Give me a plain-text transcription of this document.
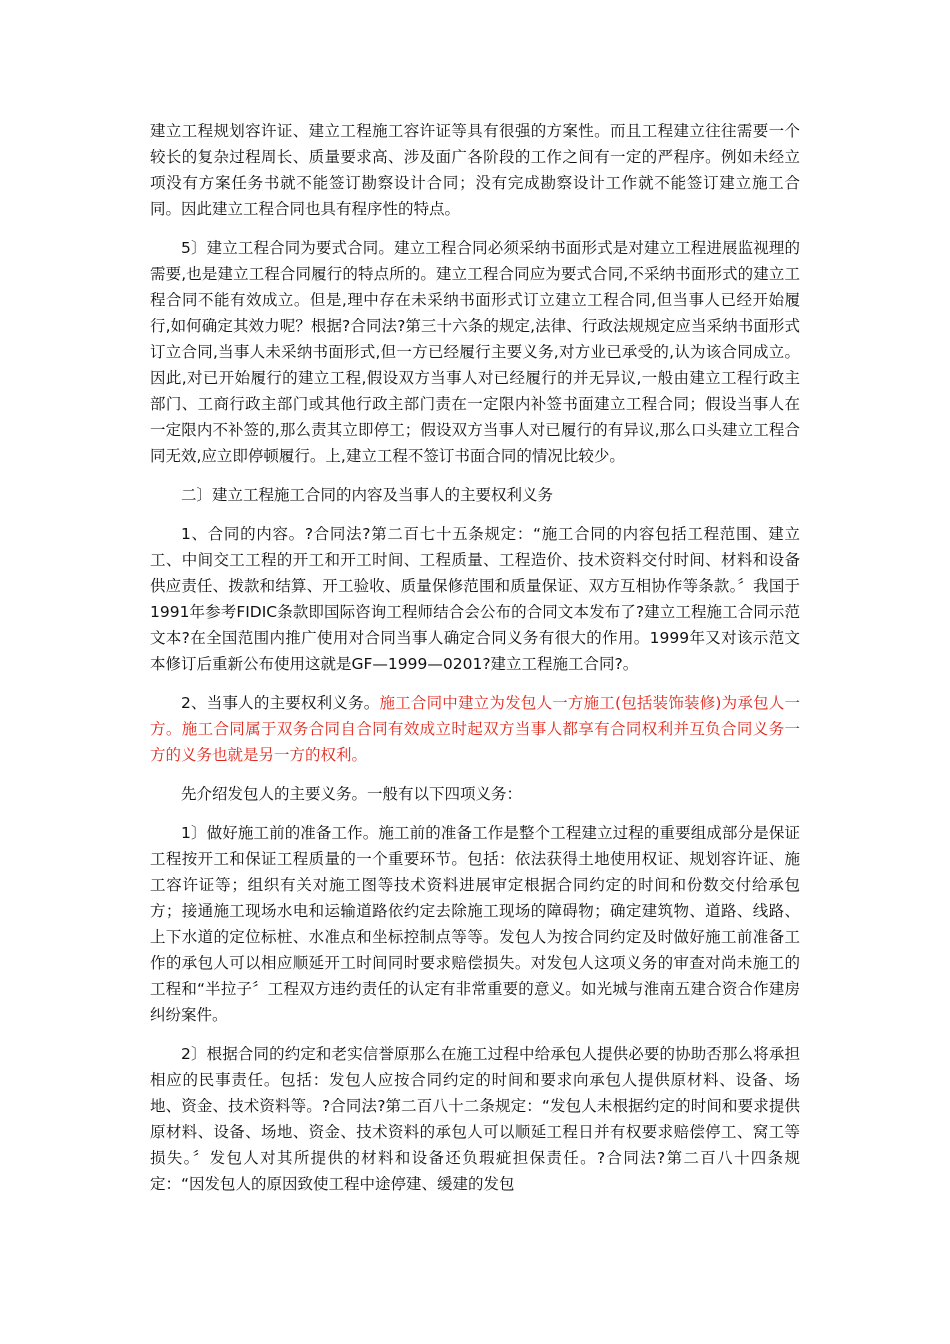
建立工程规划容许证、建立工程施工容许证等具有很强的方案性。而且工程建立往往需要一个较长的复杂过程周长、质量要求高、涉及面广各阶段的工作之间有一定的严程序。例如未经立项没有方案任务书就不能签订勘察设计合同；没有完成勘察设计工作就不能签订建立施工合同。因此建立工程合同也具有程序性的特点。

5〕建立工程合同为要式合同。建立工程合同必须采纳书面形式是对建立工程进展监视理的需要,也是建立工程合同履行的特点所的。建立工程合同应为要式合同,不采纳书面形式的建立工程合同不能有效成立。但是,理中存在未采纳书面形式订立建立工程合同,但当事人已经开始履行,如何确定其效力呢？根据?合同法?第三十六条的规定,法律、行政法规规定应当采纳书面形式订立合同,当事人未采纳书面形式,但一方已经履行主要义务,对方业已承受的,认为该合同成立。因此,对已开始履行的建立工程,假设双方当事人对已经履行的并无异议,一般由建立工程行政主部门、工商行政主部门或其他行政主部门责在一定限内补签书面建立工程合同；假设当事人在一定限内不补签的,那么责其立即停工；假设双方当事人对已履行的有异议,那么口头建立工程合同无效,应立即停顿履行。上,建立工程不签订书面合同的情况比较少。

二〕建立工程施工合同的内容及当事人的主要权利义务

1、合同的内容。?合同法?第二百七十五条规定：“施工合同的内容包括工程范围、建立工、中间交工工程的开工和开工时间、工程质量、工程造价、技术资料交付时间、材料和设备供应责任、拨款和结算、开工验收、质量保修范围和质量保证、双方互相协作等条款。〞我国于1991年参考FIDIC条款即国际咨询工程师结合会公布的合同文本发布了?建立工程施工合同示范文本?在全国范围内推广使用对合同当事人确定合同义务有很大的作用。1999年又对该示范文本修订后重新公布使用这就是GF—1999—0201?建立工程施工合同?。

2、当事人的主要权利义务。施工合同中建立为发包人一方施工(包括装饰装修)为承包人一方。施工合同属于双务合同自合同有效成立时起双方当事人都享有合同权利并互负合同义务一方的义务也就是另一方的权利。

先介绍发包人的主要义务。一般有以下四项义务：

1〕做好施工前的准备工作。施工前的准备工作是整个工程建立过程的重要组成部分是保证工程按开工和保证工程质量的一个重要环节。包括：依法获得土地使用权证、规划容许证、施工容许证等；组织有关对施工图等技术资料进展审定根据合同约定的时间和份数交付给承包方；接通施工现场水电和运输道路依约定去除施工现场的障碍物；确定建筑物、道路、线路、上下水道的定位标桩、水准点和坐标控制点等等。发包人为按合同约定及时做好施工前准备工作的承包人可以相应顺延开工时间同时要求赔偿损失。对发包人这项义务的审查对尚未施工的工程和“半拉子〞工程双方违约责任的认定有非常重要的意义。如光城与淮南五建合资合作建房纠纷案件。

2〕根据合同的约定和老实信誉原那么在施工过程中给承包人提供必要的协助否那么将承担相应的民事责任。包括：发包人应按合同约定的时间和要求向承包人提供原材料、设备、场地、资金、技术资料等。?合同法?第二百八十二条规定：“发包人未根据约定的时间和要求提供原材料、设备、场地、资金、技术资料的承包人可以顺延工程日并有权要求赔偿停工、窝工等损失。〞发包人对其所提供的材料和设备还负瑕疵担保责任。?合同法?第二百八十四条规定：“因发包人的原因致使工程中途停建、缓建的发包
